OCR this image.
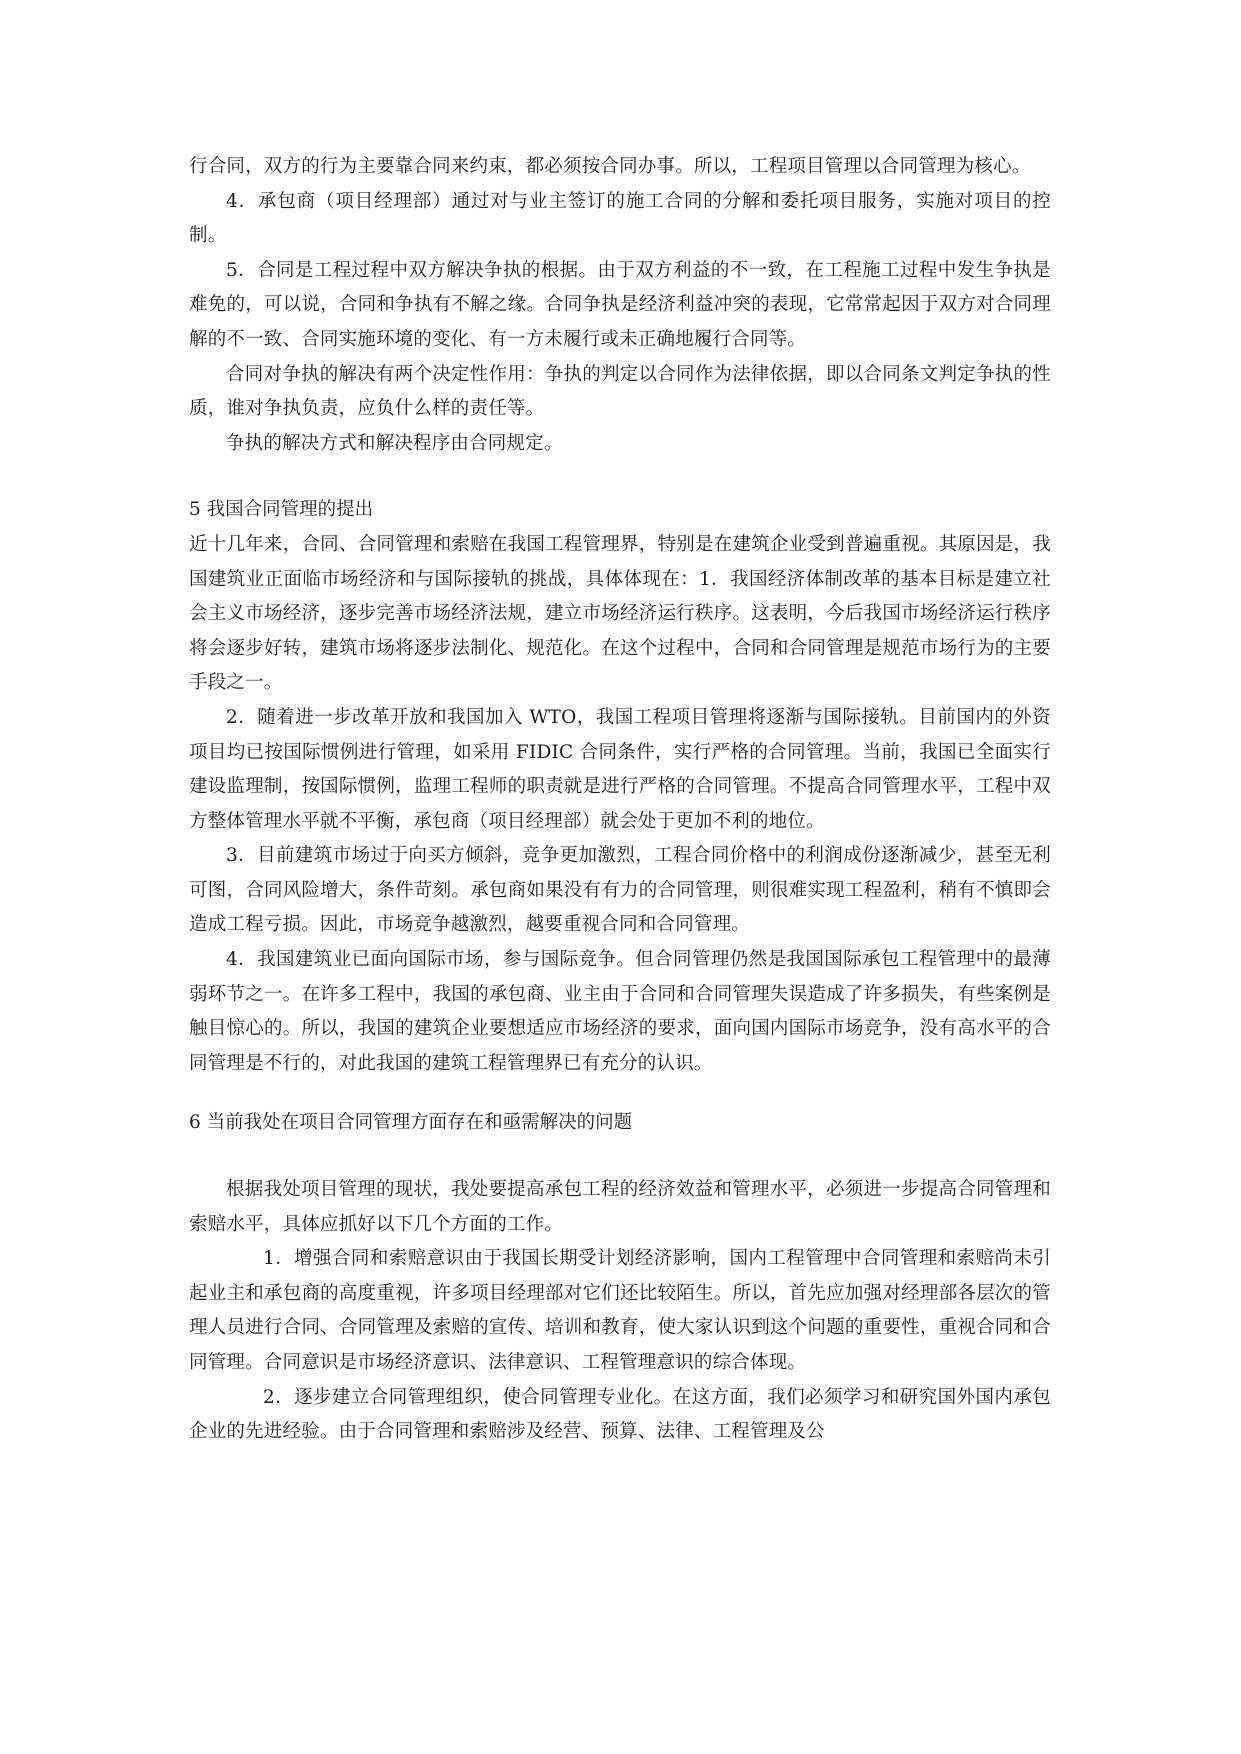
行合同，双方的行为主要靠合同来约束，都必须按合同办事。所以，工程项目管理以合同管理为核心。

4．承包商（项目经理部）通过对与业主签订的施工合同的分解和委托项目服务，实施对项目的控制。

5．合同是工程过程中双方解决争执的根据。由于双方利益的不一致，在工程施工过程中发生争执是难免的，可以说，合同和争执有不解之缘。合同争执是经济利益冲突的表现，它常常起因于双方对合同理解的不一致、合同实施环境的变化、有一方未履行或未正确地履行合同等。

合同对争执的解决有两个决定性作用：争执的判定以合同作为法律依据，即以合同条文判定争执的性质，谁对争执负责，应负什么样的责任等。

争执的解决方式和解决程序由合同规定。

5 我国合同管理的提出

近十几年来，合同、合同管理和索赔在我国工程管理界，特别是在建筑企业受到普遍重视。其原因是，我国建筑业正面临市场经济和与国际接轨的挑战，具体体现在：1．我国经济体制改革的基本目标是建立社会主义市场经济，逐步完善市场经济法规，建立市场经济运行秩序。这表明，今后我国市场经济运行秩序将会逐步好转，建筑市场将逐步法制化、规范化。在这个过程中，合同和合同管理是规范市场行为的主要手段之一。

2．随着进一步改革开放和我国加入 WTO，我国工程项目管理将逐渐与国际接轨。目前国内的外资项目均已按国际惯例进行管理，如采用 FIDIC 合同条件，实行严格的合同管理。当前，我国已全面实行建设监理制，按国际惯例，监理工程师的职责就是进行严格的合同管理。不提高合同管理水平，工程中双方整体管理水平就不平衡，承包商（项目经理部）就会处于更加不利的地位。

3．目前建筑市场过于向买方倾斜，竞争更加激烈，工程合同价格中的利润成份逐渐减少，甚至无利可图，合同风险增大，条件苛刻。承包商如果没有有力的合同管理，则很难实现工程盈利，稍有不慎即会造成工程亏损。因此，市场竞争越激烈，越要重视合同和合同管理。

4．我国建筑业已面向国际市场，参与国际竞争。但合同管理仍然是我国国际承包工程管理中的最薄弱环节之一。在许多工程中，我国的承包商、业主由于合同和合同管理失误造成了许多损失，有些案例是触目惊心的。所以，我国的建筑企业要想适应市场经济的要求，面向国内国际市场竞争，没有高水平的合同管理是不行的，对此我国的建筑工程管理界已有充分的认识。

6 当前我处在项目合同管理方面存在和亟需解决的问题

根据我处项目管理的现状，我处要提高承包工程的经济效益和管理水平，必须进一步提高合同管理和索赔水平，具体应抓好以下几个方面的工作。

1．增强合同和索赔意识由于我国长期受计划经济影响，国内工程管理中合同管理和索赔尚未引起业主和承包商的高度重视，许多项目经理部对它们还比较陌生。所以，首先应加强对经理部各层次的管理人员进行合同、合同管理及索赔的宣传、培训和教育，使大家认识到这个问题的重要性，重视合同和合同管理。合同意识是市场经济意识、法律意识、工程管理意识的综合体现。

2．逐步建立合同管理组织，使合同管理专业化。在这方面，我们必须学习和研究国外国内承包企业的先进经验。由于合同管理和索赔涉及经营、预算、法律、工程管理及公
